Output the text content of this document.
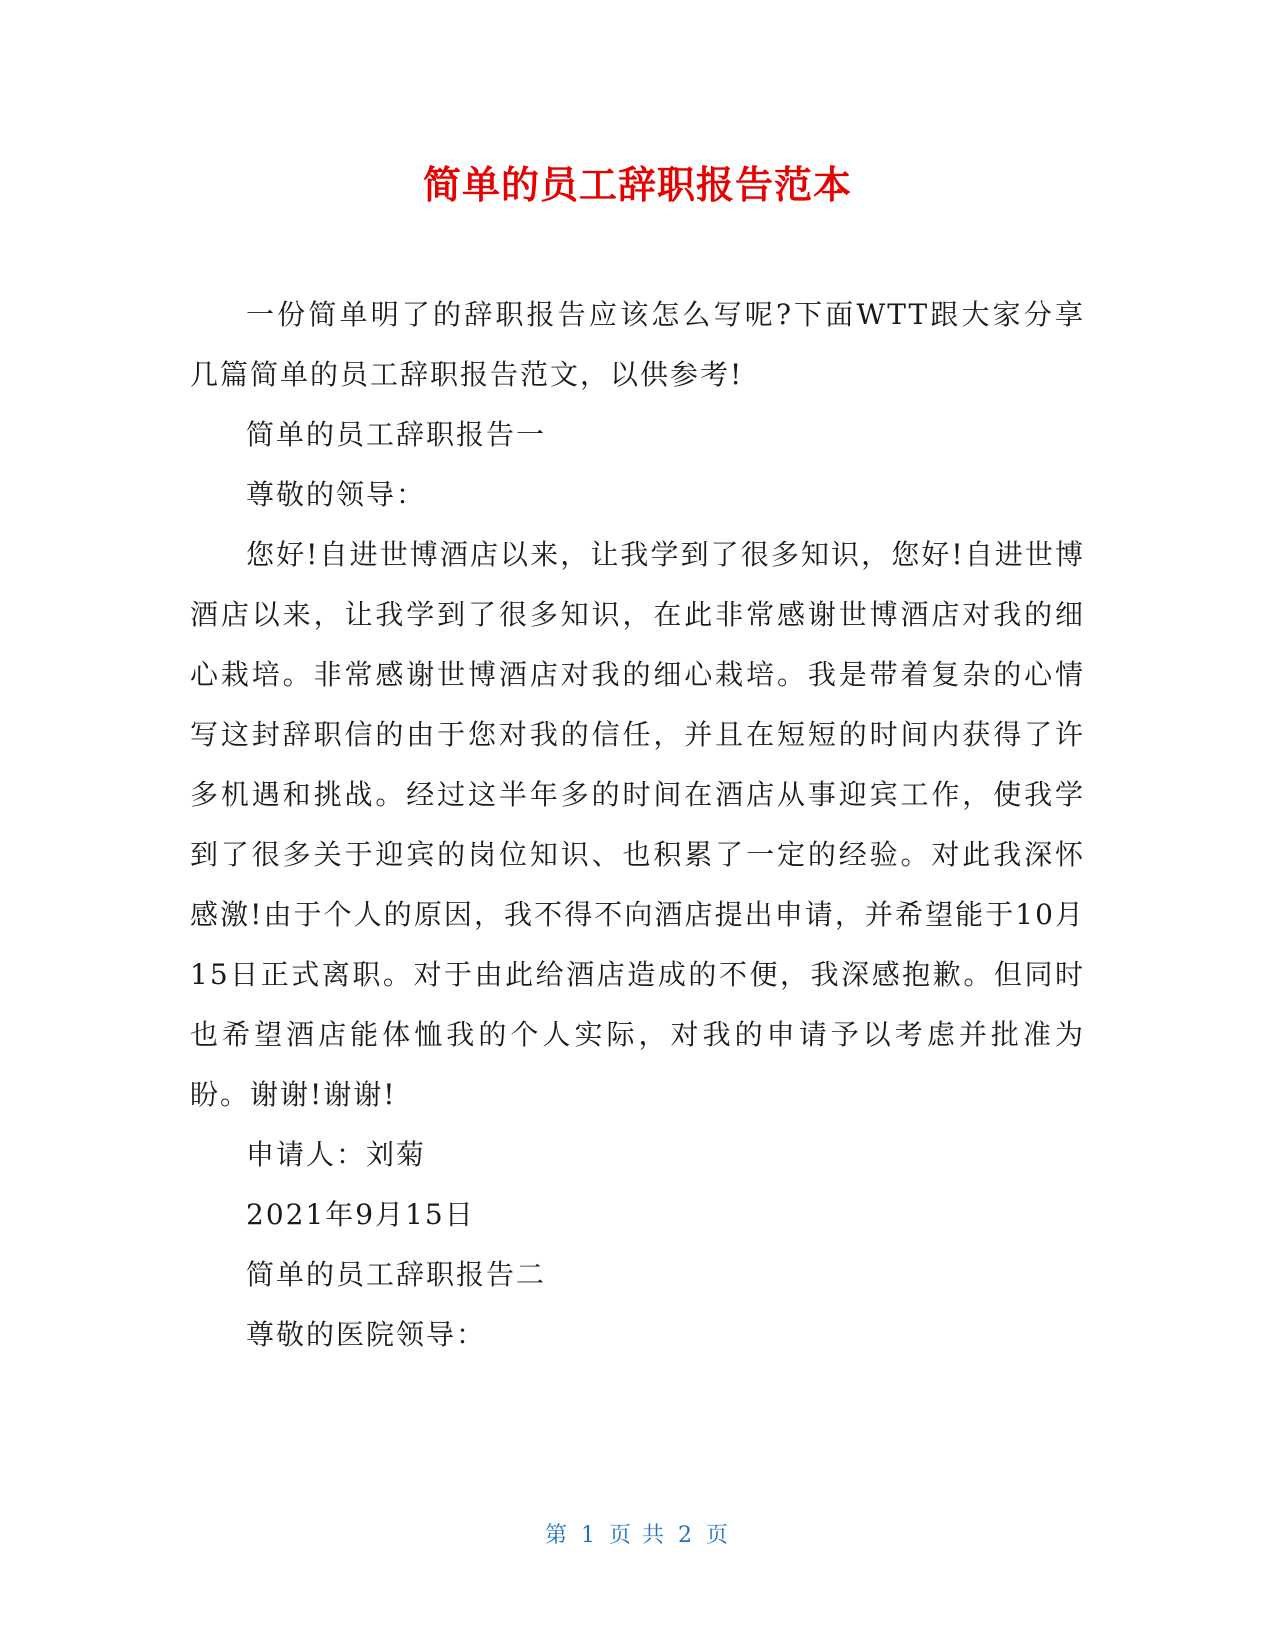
简单的员工辞职报告范本

一份简单明了的辞职报告应该怎么写呢?下面WTT跟大家分享几篇简单的员工辞职报告范文，以供参考!

简单的员工辞职报告一

尊敬的领导：

您好!自进世博酒店以来，让我学到了很多知识，您好!自进世博酒店以来，让我学到了很多知识，在此非常感谢世博酒店对我的细心栽培。非常感谢世博酒店对我的细心栽培。我是带着复杂的心情写这封辞职信的由于您对我的信任，并且在短短的时间内获得了许多机遇和挑战。经过这半年多的时间在酒店从事迎宾工作，使我学到了很多关于迎宾的岗位知识、也积累了一定的经验。对此我深怀感激!由于个人的原因，我不得不向酒店提出申请，并希望能于10月15日正式离职。对于由此给酒店造成的不便，我深感抱歉。但同时也希望酒店能体恤我的个人实际，对我的申请予以考虑并批准为盼。谢谢!谢谢!

申请人：刘菊

2021年9月15日

简单的员工辞职报告二

尊敬的医院领导：

第 1 页 共 2 页
